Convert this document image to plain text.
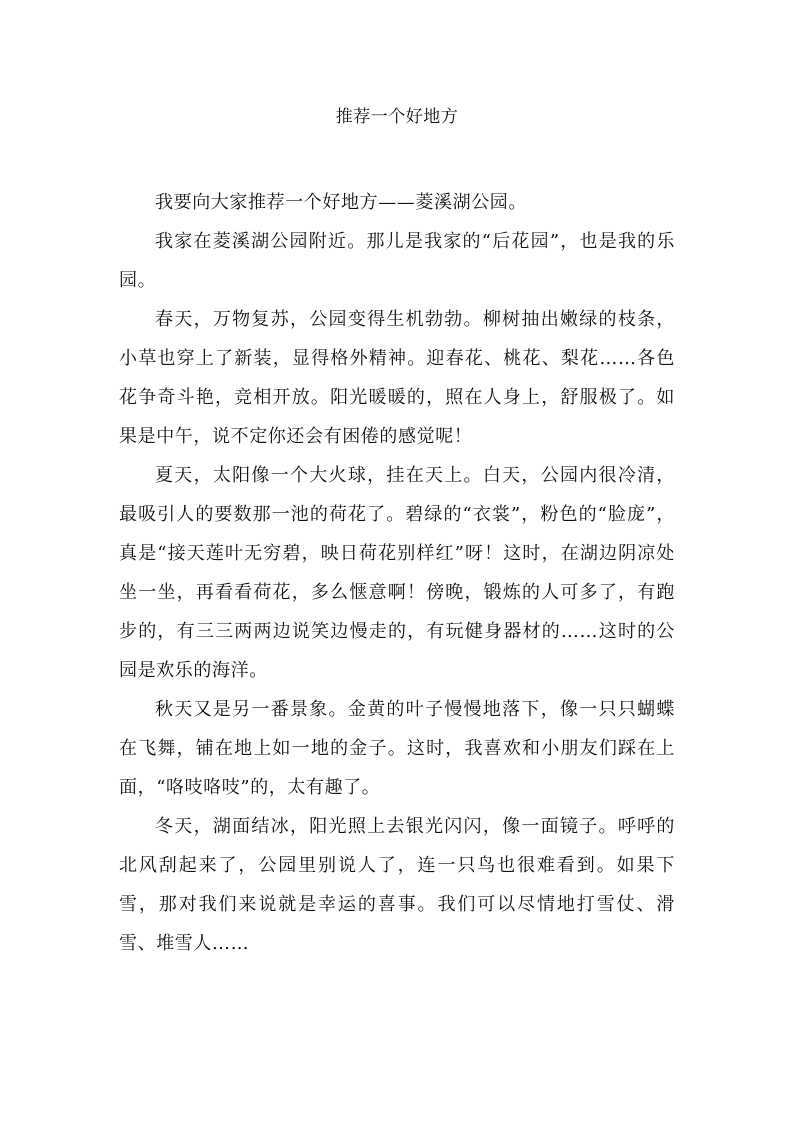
推荐一个好地方

我要向大家推荐一个好地方——菱溪湖公园。

我家在菱溪湖公园附近。那儿是我家的“后花园”，也是我的乐园。

春天，万物复苏，公园变得生机勃勃。柳树抽出嫩绿的枝条，小草也穿上了新装，显得格外精神。迎春花、桃花、梨花……各色花争奇斗艳，竞相开放。阳光暖暖的，照在人身上，舒服极了。如果是中午，说不定你还会有困倦的感觉呢！

夏天，太阳像一个大火球，挂在天上。白天，公园内很冷清，最吸引人的要数那一池的荷花了。碧绿的“衣裳”，粉色的“脸庞”，真是“接天莲叶无穷碧，映日荷花别样红”呀！这时，在湖边阴凉处坐一坐，再看看荷花，多么惬意啊！傍晚，锻炼的人可多了，有跑步的，有三三两两边说笑边慢走的，有玩健身器材的……这时的公园是欢乐的海洋。

秋天又是另一番景象。金黄的叶子慢慢地落下，像一只只蝴蝶在飞舞，铺在地上如一地的金子。这时，我喜欢和小朋友们踩在上面，“咯吱咯吱”的，太有趣了。

冬天，湖面结冰，阳光照上去银光闪闪，像一面镜子。呼呼的北风刮起来了，公园里别说人了，连一只鸟也很难看到。如果下雪，那对我们来说就是幸运的喜事。我们可以尽情地打雪仗、滑雪、堆雪人……
